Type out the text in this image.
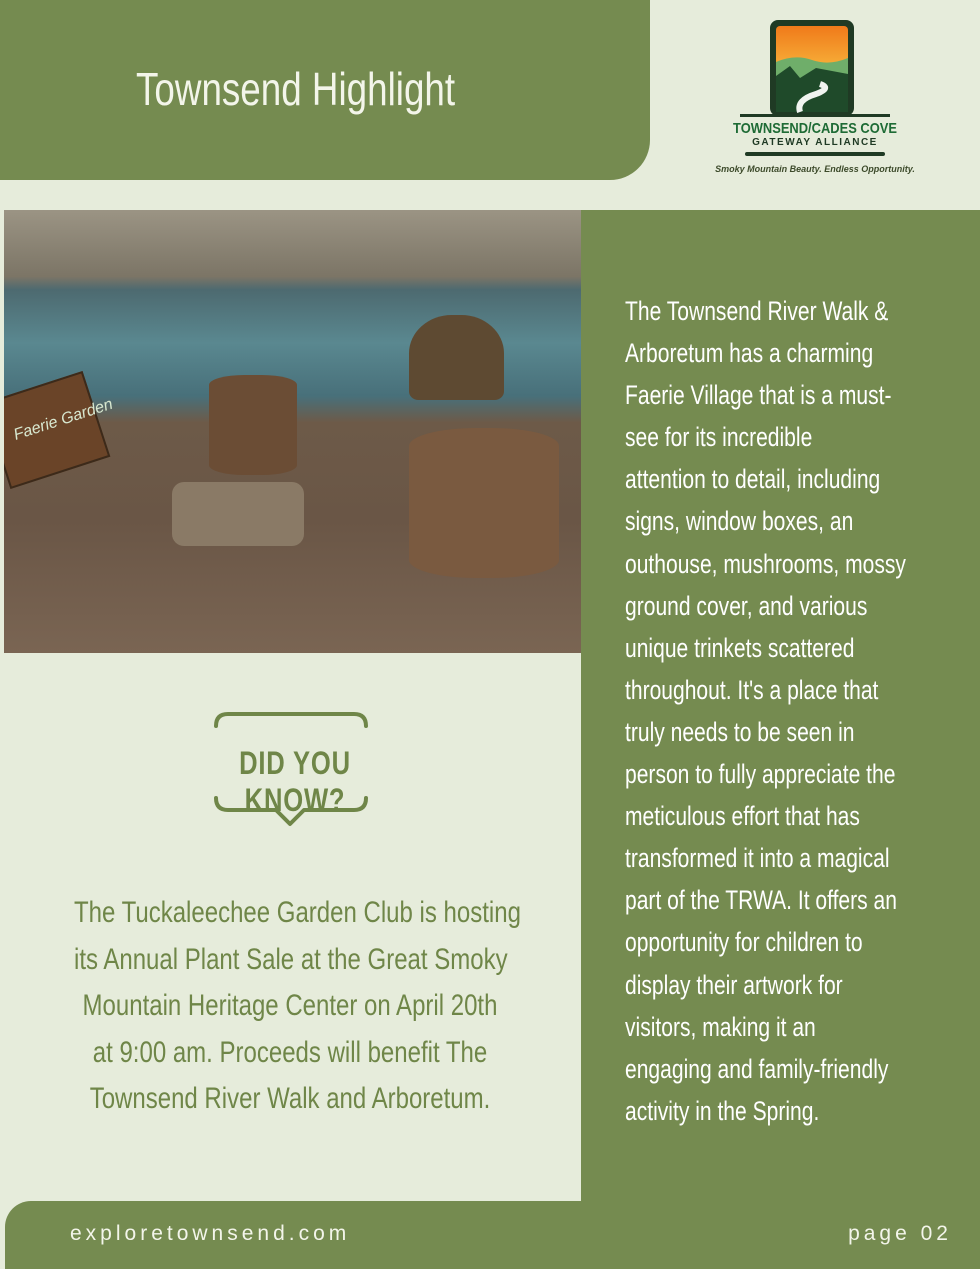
Townsend Highlight
TOWNSEND/CADES COVE
GATEWAY ALLIANCE
Smoky Mountain Beauty. Endless Opportunity.
Faerie Garden
The Townsend River Walk &
Arboretum has a charming
Faerie Village that is a must-
see for its incredible
attention to detail, including
signs, window boxes, an
outhouse, mushrooms, mossy
ground cover, and various
unique trinkets scattered
throughout. It's a place that
truly needs to be seen in
person to fully appreciate the
meticulous effort that has
transformed it into a magical
part of the TRWA. It offers an
opportunity for children to
display their artwork for
visitors, making it an
engaging and family-friendly
activity in the Spring.
DID YOU KNOW?
The Tuckaleechee Garden Club is hosting
its Annual Plant Sale at the Great Smoky
Mountain Heritage Center on April 20th
at 9:00 am. Proceeds will benefit The
Townsend River Walk and Arboretum.
exploretownsend.com	page 02
